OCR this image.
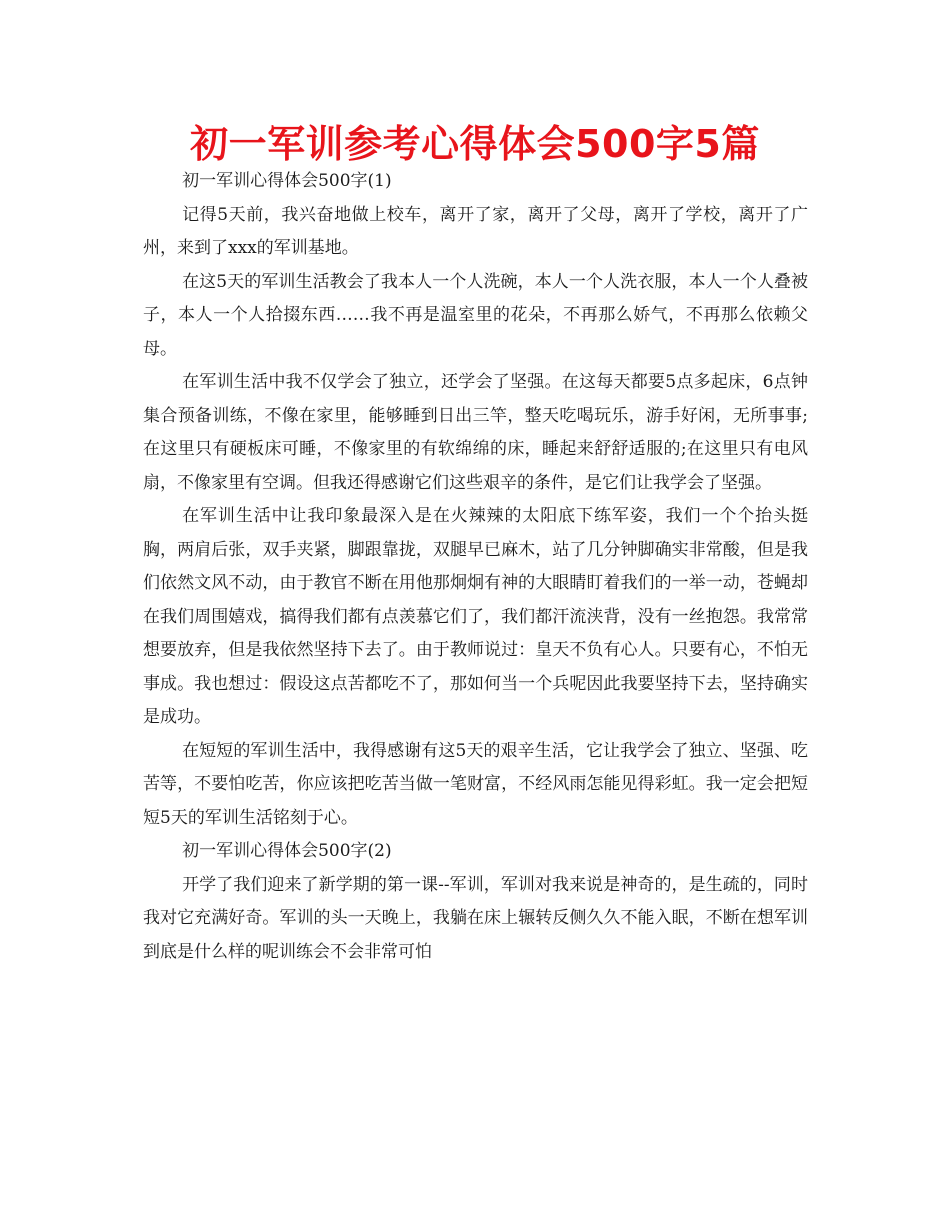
初一军训参考心得体会500字5篇

初一军训心得体会500字(1)

记得5天前，我兴奋地做上校车，离开了家，离开了父母，离开了学校，离开了广州，来到了xxx的军训基地。

在这5天的军训生活教会了我本人一个人洗碗，本人一个人洗衣服，本人一个人叠被子，本人一个人拾掇东西……我不再是温室里的花朵，不再那么娇气，不再那么依赖父母。

在军训生活中我不仅学会了独立，还学会了坚强。在这每天都要5点多起床，6点钟集合预备训练，不像在家里，能够睡到日出三竿，整天吃喝玩乐，游手好闲，无所事事;在这里只有硬板床可睡，不像家里的有软绵绵的床，睡起来舒舒适服的;在这里只有电风扇，不像家里有空调。但我还得感谢它们这些艰辛的条件，是它们让我学会了坚强。

在军训生活中让我印象最深入是在火辣辣的太阳底下练军姿，我们一个个抬头挺胸，两肩后张，双手夹紧，脚跟靠拢，双腿早已麻木，站了几分钟脚确实非常酸，但是我们依然文风不动，由于教官不断在用他那炯炯有神的大眼睛盯着我们的一举一动，苍蝇却在我们周围嬉戏，搞得我们都有点羡慕它们了，我们都汗流浃背，没有一丝抱怨。我常常想要放弃，但是我依然坚持下去了。由于教师说过：皇天不负有心人。只要有心，不怕无事成。我也想过：假设这点苦都吃不了，那如何当一个兵呢因此我要坚持下去，坚持确实是成功。

在短短的军训生活中，我得感谢有这5天的艰辛生活，它让我学会了独立、坚强、吃苦等，不要怕吃苦，你应该把吃苦当做一笔财富，不经风雨怎能见得彩虹。我一定会把短短5天的军训生活铭刻于心。

初一军训心得体会500字(2)

开学了我们迎来了新学期的第一课--军训，军训对我来说是神奇的，是生疏的，同时我对它充满好奇。军训的头一天晚上，我躺在床上辗转反侧久久不能入眠，不断在想军训到底是什么样的呢训练会不会非常可怕
